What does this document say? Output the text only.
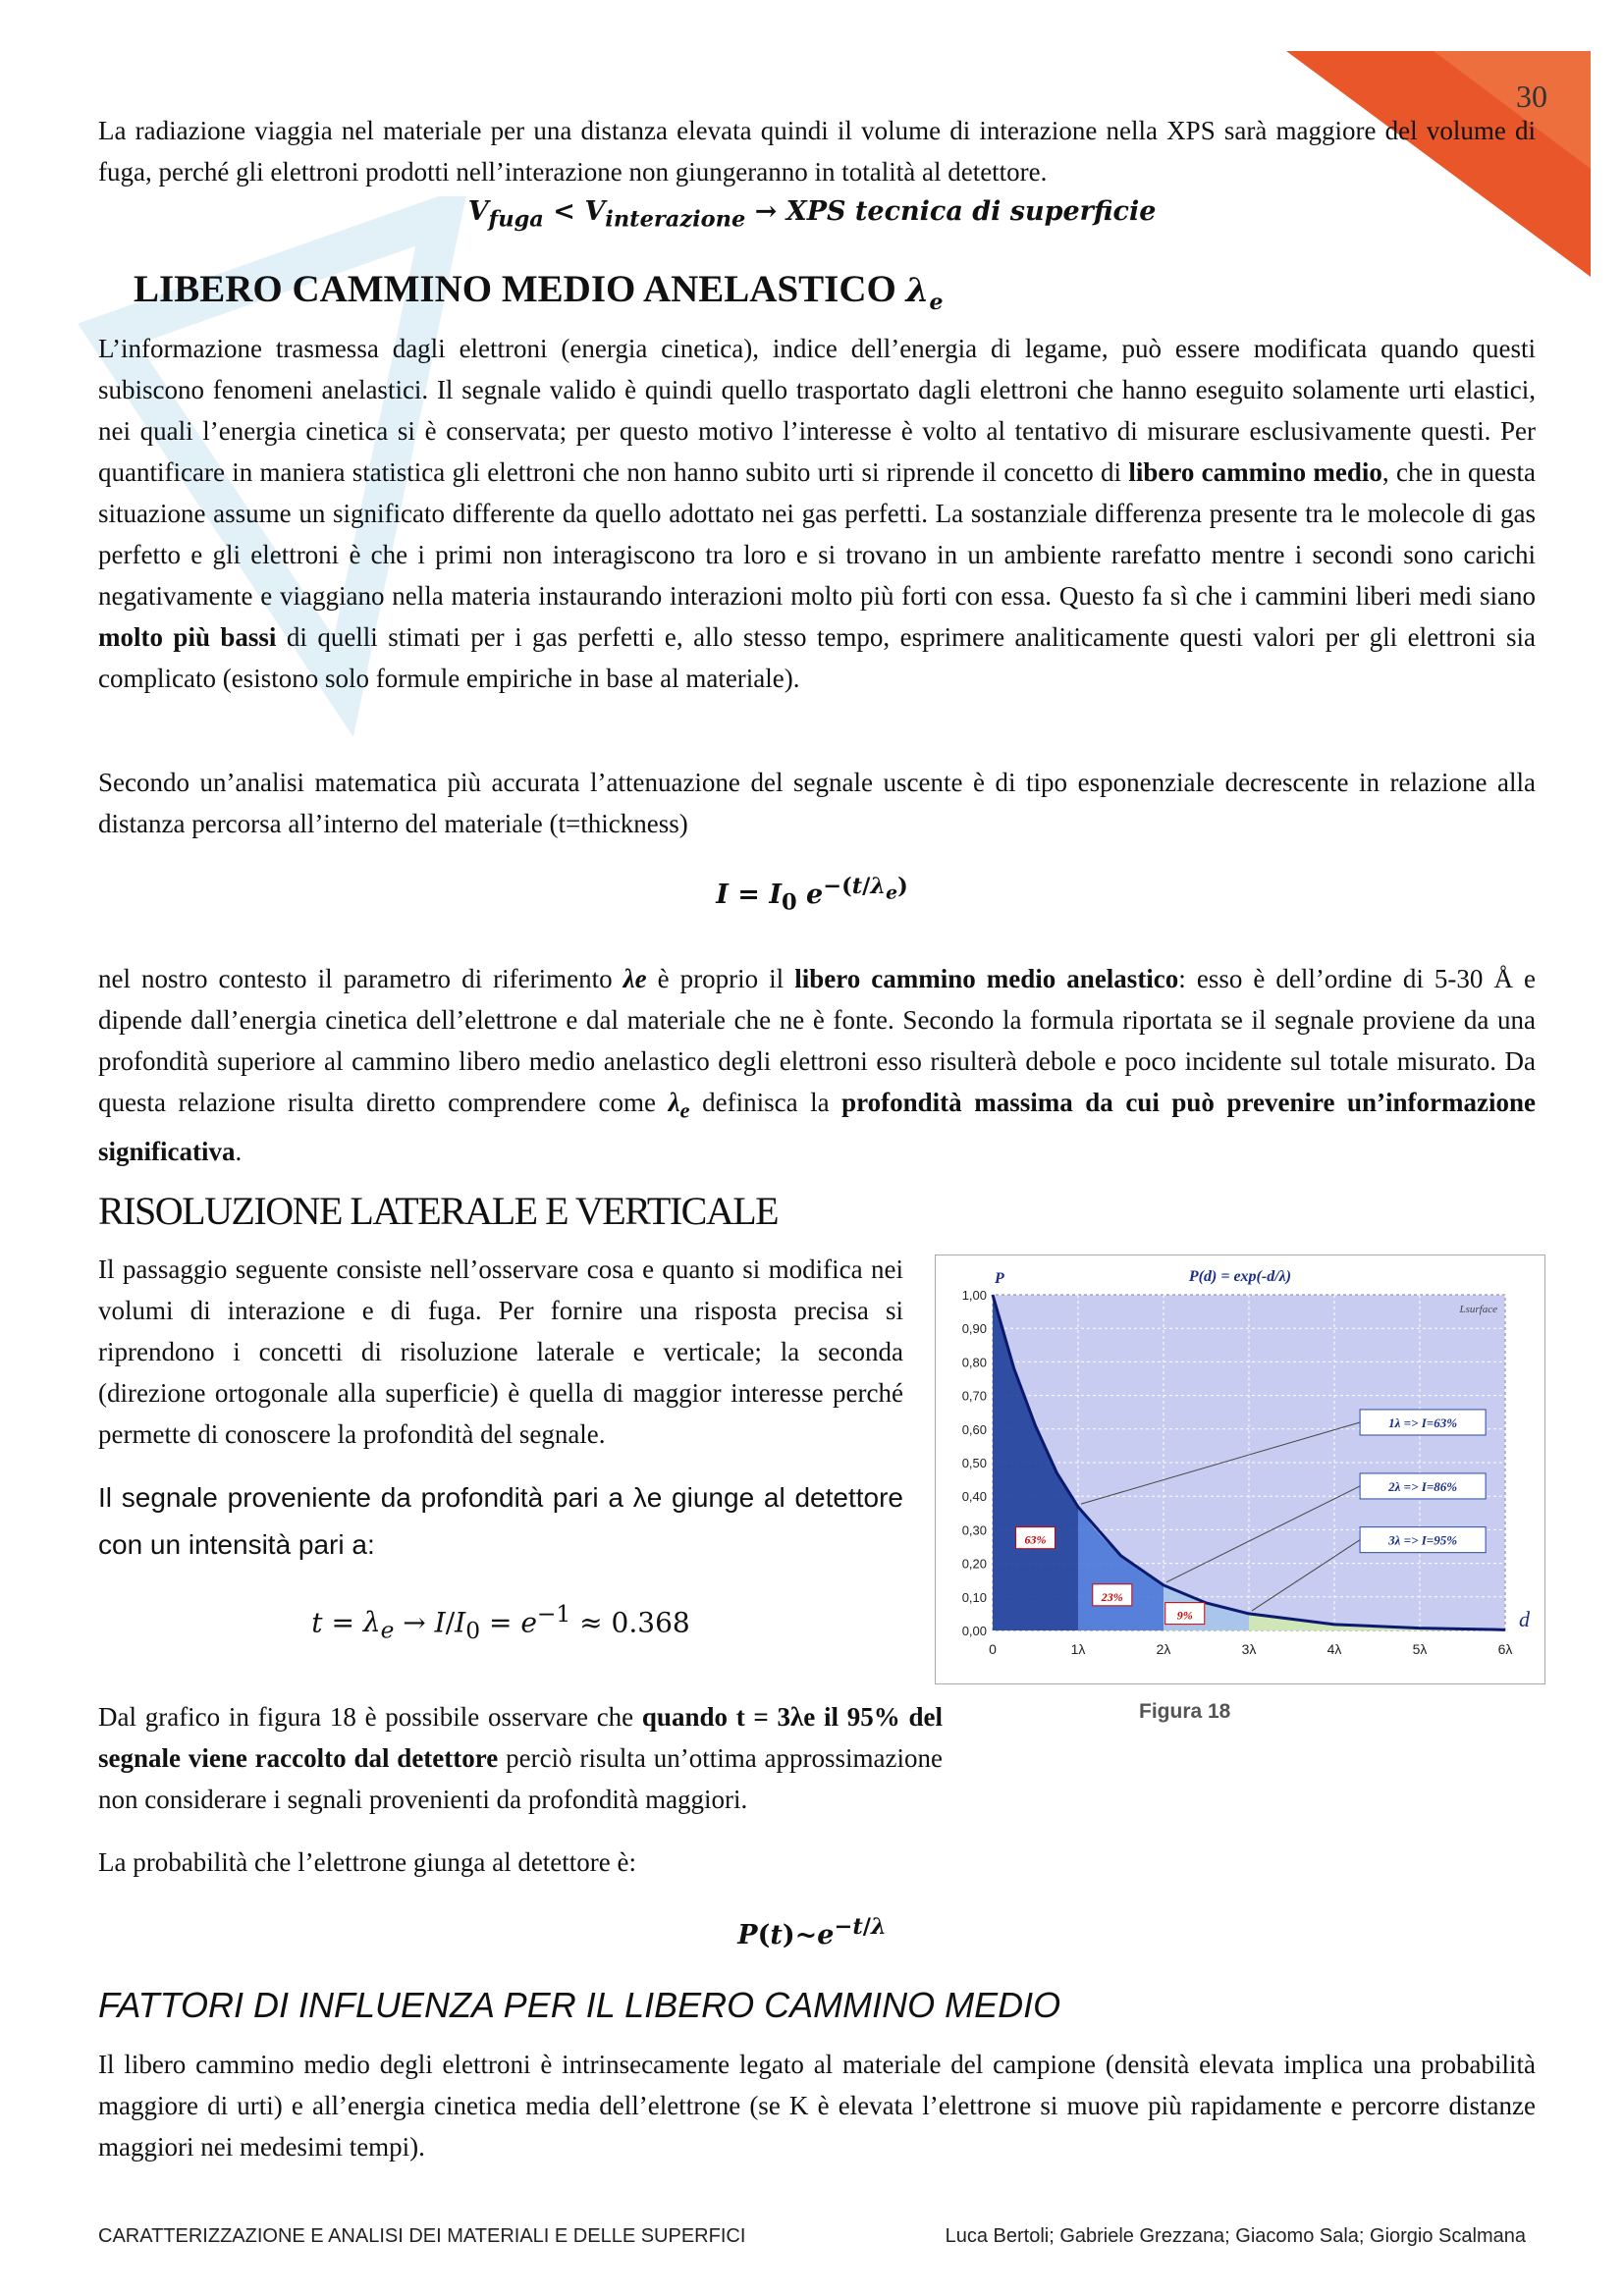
30

La radiazione viaggia nel materiale per una distanza elevata quindi il volume di interazione nella XPS sarà maggiore del volume di fuga, perché gli elettroni prodotti nell’interazione non giungeranno in totalità al detettore.

$V_{fuga} < V_{interazione}$ → XPS tecnica di superficie
LIBERO CAMMINO MEDIO ANELASTICO $\lambda_e$

L’informazione trasmessa dagli elettroni (energia cinetica), indice dell’energia di legame, può essere modificata quando questi subiscono fenomeni anelastici. Il segnale valido è quindi quello trasportato dagli elettroni che hanno eseguito solamente urti elastici, nei quali l’energia cinetica si è conservata; per questo motivo l’interesse è volto al tentativo di misurare esclusivamente questi. Per quantificare in maniera statistica gli elettroni che non hanno subito urti si riprende il concetto di libero cammino medio, che in questa situazione assume un significato differente da quello adottato nei gas perfetti. La sostanziale differenza presente tra le molecole di gas perfetto e gli elettroni è che i primi non interagiscono tra loro e si trovano in un ambiente rarefatto mentre i secondi sono carichi negativamente e viaggiano nella materia instaurando interazioni molto più forti con essa. Questo fa sì che i cammini liberi medi siano molto più bassi di quelli stimati per i gas perfetti e, allo stesso tempo, esprimere analiticamente questi valori per gli elettroni sia complicato (esistono solo formule empiriche in base al materiale).

Secondo un’analisi matematica più accurata l’attenuazione del segnale uscente è di tipo esponenziale decrescente in relazione alla distanza percorsa all’interno del materiale (t=thickness)

$I = I_0$ $e^{-(t/\lambda_e)}$

nel nostro contesto il parametro di riferimento λe è proprio il libero cammino medio anelastico: esso è dell’ordine di 5-30 Å e dipende dall’energia cinetica dell’elettrone e dal materiale che ne è fonte. Secondo la formula riportata se il segnale proviene da una profondità superiore al cammino libero medio anelastico degli elettroni esso risulterà debole e poco incidente sul totale misurato. Da questa relazione risulta diretto comprendere come $\lambda_e$ definisca la profondità massima da cui può prevenire un’informazione significativa.

RISOLUZIONE LATERALE E VERTICALE

Il passaggio seguente consiste nell’osservare cosa e quanto si modifica nei volumi di interazione e di fuga. Per fornire una risposta precisa si riprendono i concetti di risoluzione laterale e verticale; la seconda (direzione ortogonale alla superficie) è quella di maggior interesse perché permette di conoscere la profondità del segnale.

Il segnale proveniente da profondità pari a λe giunge al detettore con un intensità pari a:

$t = \lambda_e \to I/I_0 = e^{-1} \approx 0.368$

Dal grafico in figura 18 è possibile osservare che quando t = 3λe il 95% del segnale viene raccolto dal detettore perciò risulta un’ottima approssimazione non considerare i segnali provenienti da profondità maggiori.

La probabilità che l’elettrone giunga al detettore è:

$P(t)\sim e^{-t/\lambda}$
0,00
0,10
0,20
0,30
0,40
0,50
0,60
0,70
0,80
0,90
1,00
0	1λ	2λ	3λ	4λ	5λ	6λ
63%
23%
9%
1λ => I=63%
2λ => I=86%
3λ => I=95%
P(d) = exp(-d/λ)
P
d
Lsurface
Figura 18
FATTORI DI INFLUENZA PER IL LIBERO CAMMINO MEDIO

Il libero cammino medio degli elettroni è intrinsecamente legato al materiale del campione (densità elevata implica una probabilità maggiore di urti) e all’energia cinetica media dell’elettrone (se K è elevata l’elettrone si muove più rapidamente e percorre distanze maggiori nei medesimi tempi).

CARATTERIZZAZIONE E ANALISI DEI MATERIALI E DELLE SUPERFICI	Luca Bertoli; Gabriele Grezzana; Giacomo Sala; Giorgio Scalmana
